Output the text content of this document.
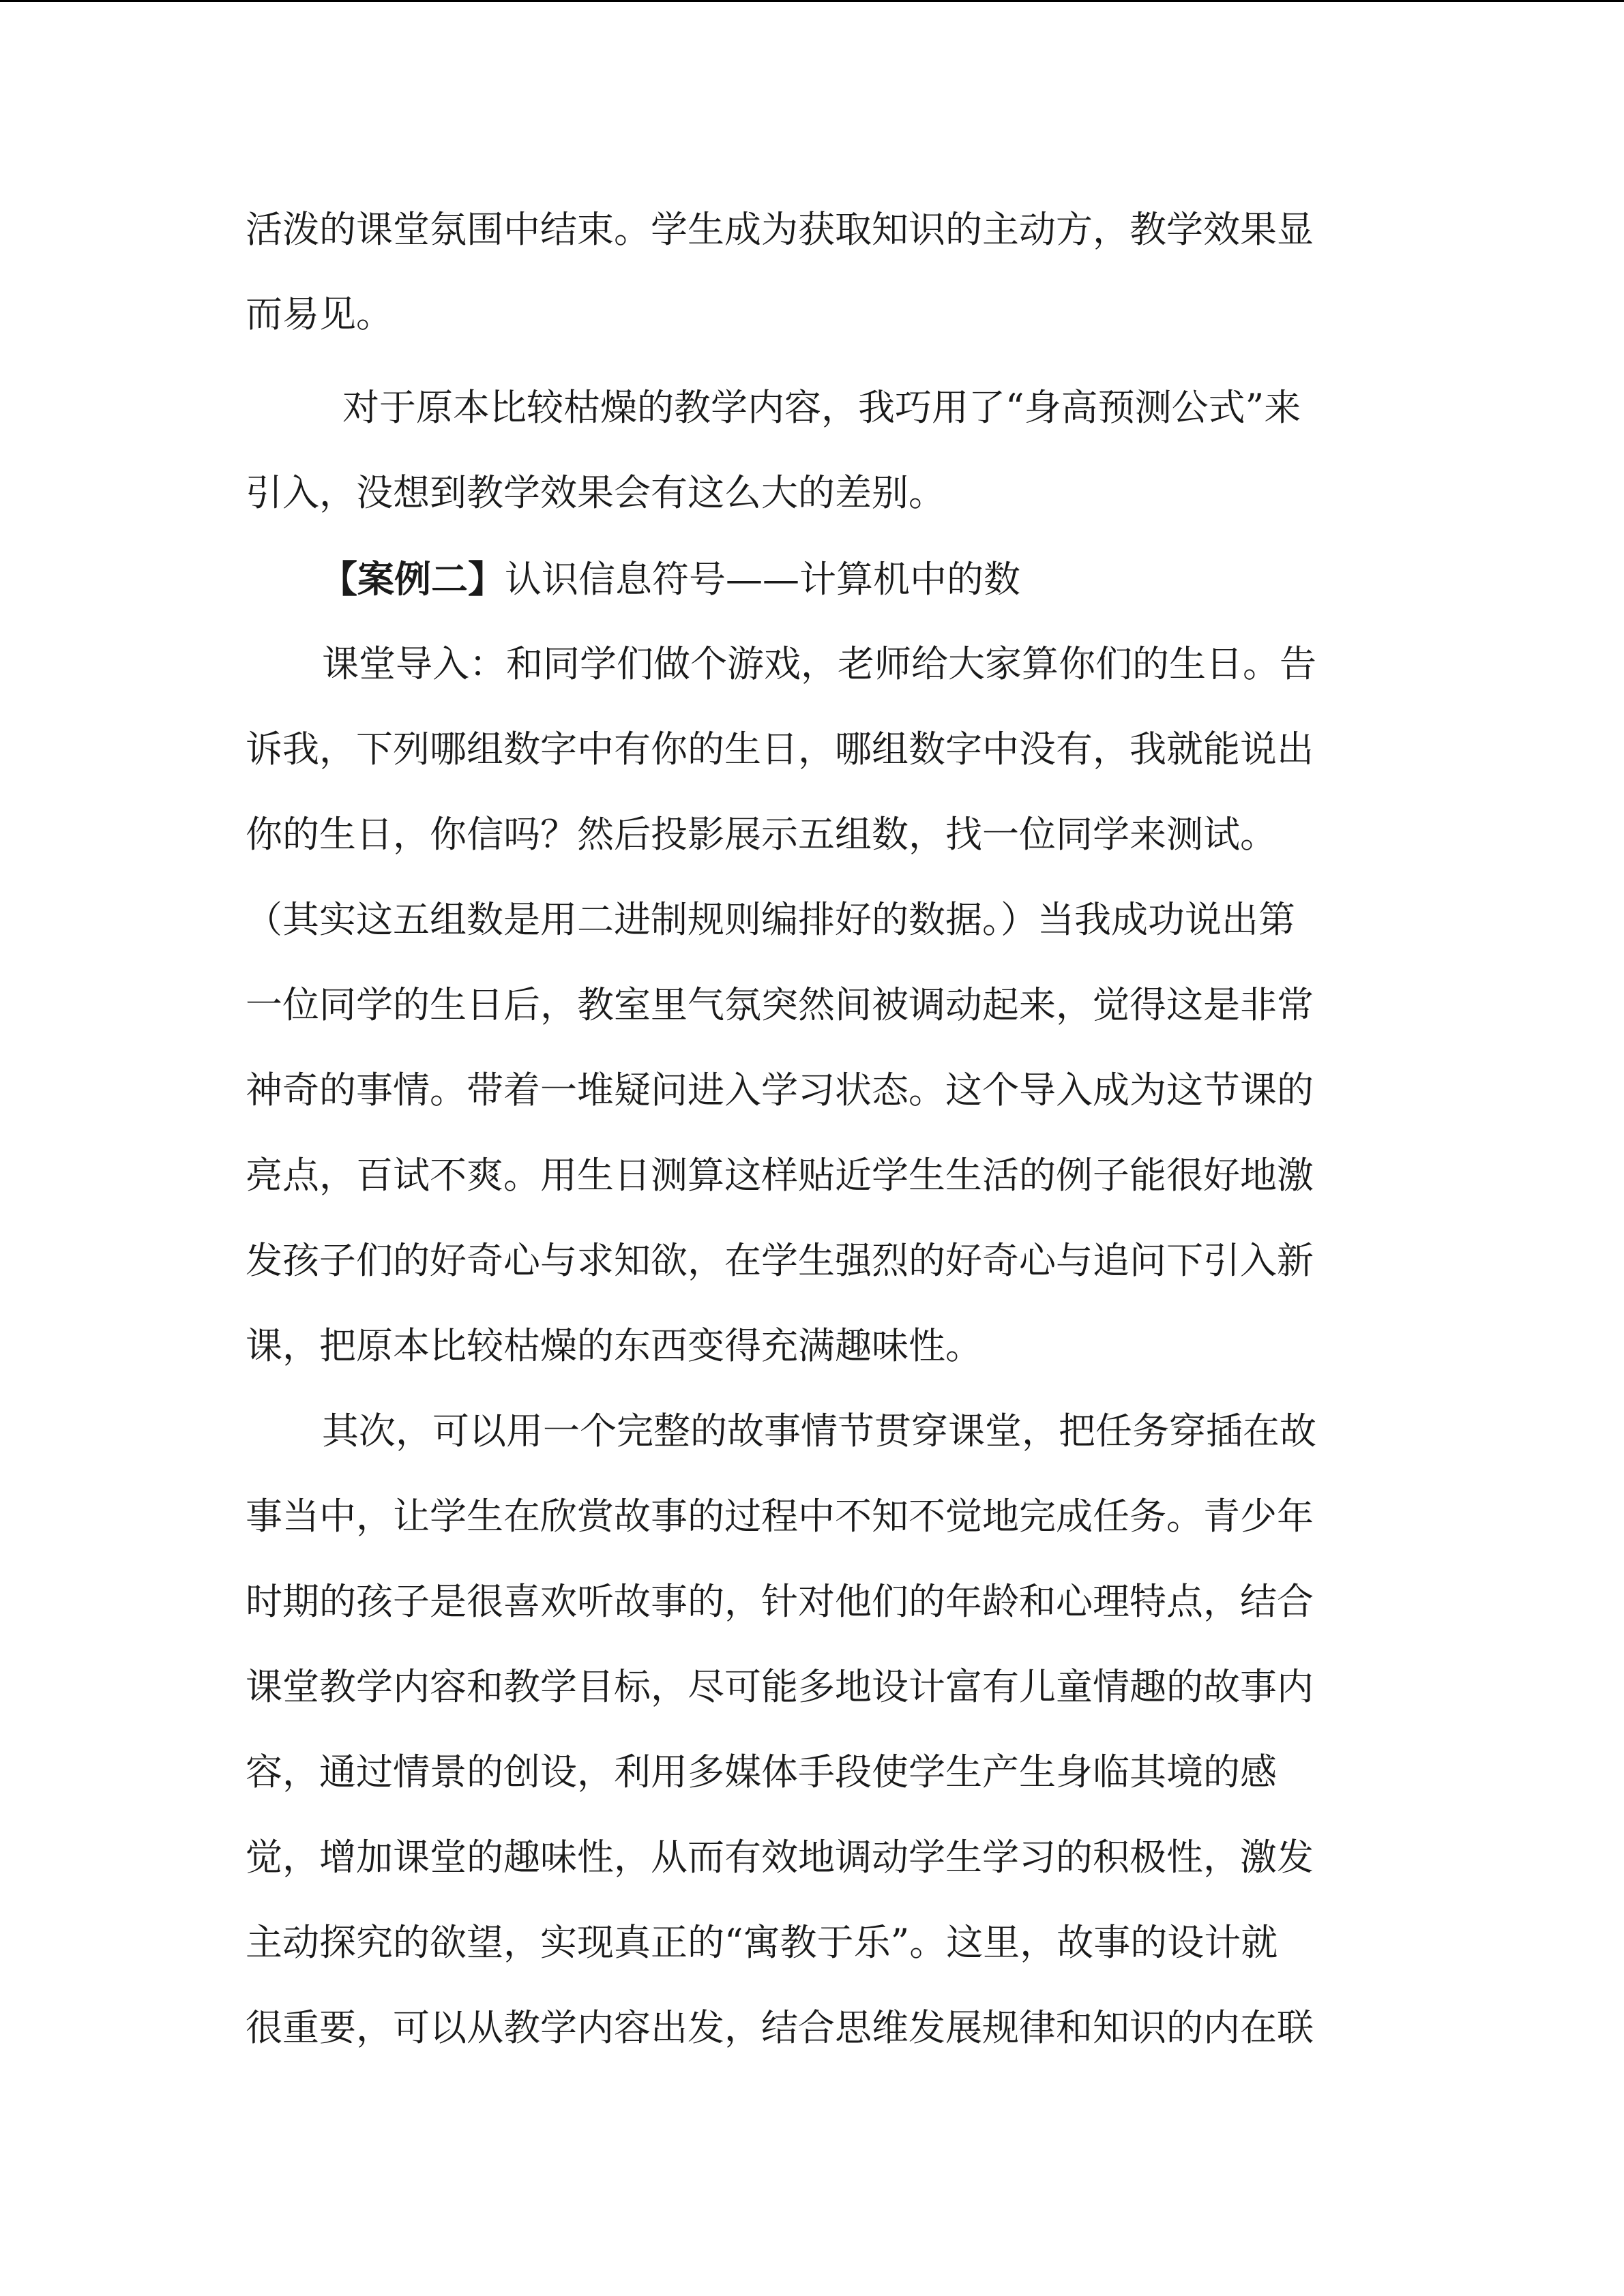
活泼的课堂氛围中结束。学生成为获取知识的主动方，教学效果显
而易见。
对于原本比较枯燥的教学内容，我巧用了“身高预测公式”来
引入，没想到教学效果会有这么大的差别。
【案例二】认识信息符号——计算机中的数
课堂导入：和同学们做个游戏，老师给大家算你们的生日。告
诉我，下列哪组数字中有你的生日，哪组数字中没有，我就能说出
你的生日，你信吗？然后投影展示五组数，找一位同学来测试。
（其实这五组数是用二进制规则编排好的数据。）当我成功说出第
一位同学的生日后，教室里气氛突然间被调动起来，觉得这是非常
神奇的事情。带着一堆疑问进入学习状态。这个导入成为这节课的
亮点，百试不爽。用生日测算这样贴近学生生活的例子能很好地激
发孩子们的好奇心与求知欲，在学生强烈的好奇心与追问下引入新
课，把原本比较枯燥的东西变得充满趣味性。
其次，可以用一个完整的故事情节贯穿课堂，把任务穿插在故
事当中，让学生在欣赏故事的过程中不知不觉地完成任务。青少年
时期的孩子是很喜欢听故事的，针对他们的年龄和心理特点，结合
课堂教学内容和教学目标，尽可能多地设计富有儿童情趣的故事内
容，通过情景的创设，利用多媒体手段使学生产生身临其境的感
觉，增加课堂的趣味性，从而有效地调动学生学习的积极性，激发
主动探究的欲望，实现真正的“寓教于乐”。这里，故事的设计就
很重要，可以从教学内容出发，结合思维发展规律和知识的内在联
